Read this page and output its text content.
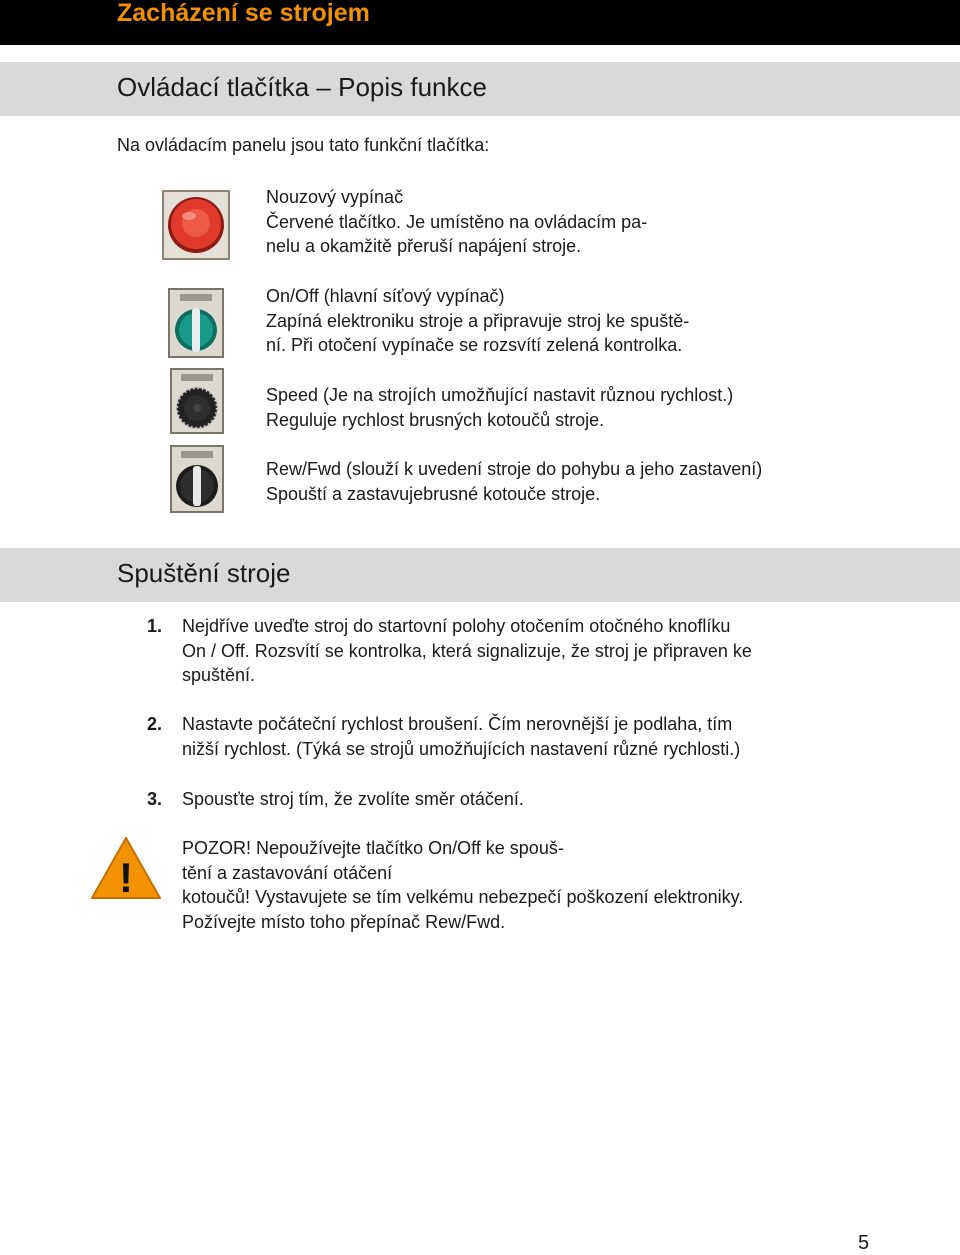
Zacházení se strojem
Ovládací tlačítka – Popis funkce
Na ovládacím panelu jsou tato funkční tlačítka:
Nouzový vypínač
Červené tlačítko. Je umístěno na ovládacím pa-
nelu a okamžitě přeruší napájení stroje.
On/Off (hlavní síťový vypínač)
Zapíná elektroniku stroje a připravuje stroj ke spuště-
ní. Při otočení vypínače se rozsvítí zelená kontrolka.
Speed (Je na strojích umožňující nastavit různou rychlost.)
Reguluje rychlost brusných kotoučů stroje.
Rew/Fwd (slouží k uvedení stroje do pohybu a jeho zastavení)
Spouští a zastavujebrusné kotouče stroje.
Spuštění stroje
1. Nejdříve uveďte stroj do startovní polohy otočením otočného knoflíku
On / Off. Rozsvítí se kontrolka, která signalizuje, že stroj je připraven ke
spuštění.
2. Nastavte počáteční rychlost broušení. Čím nerovnější je podlaha, tím
nižší rychlost. (Týká se strojů umožňujících nastavení různé rychlosti.)
3. Spousťte stroj tím, že zvolíte směr otáčení.
!
POZOR! Nepoužívejte tlačítko On/Off ke spouš-
tění a zastavování otáčení
kotoučů! Vystavujete se tím velkému nebezpečí poškození elektroniky.
Požívejte místo toho přepínač Rew/Fwd.
5
